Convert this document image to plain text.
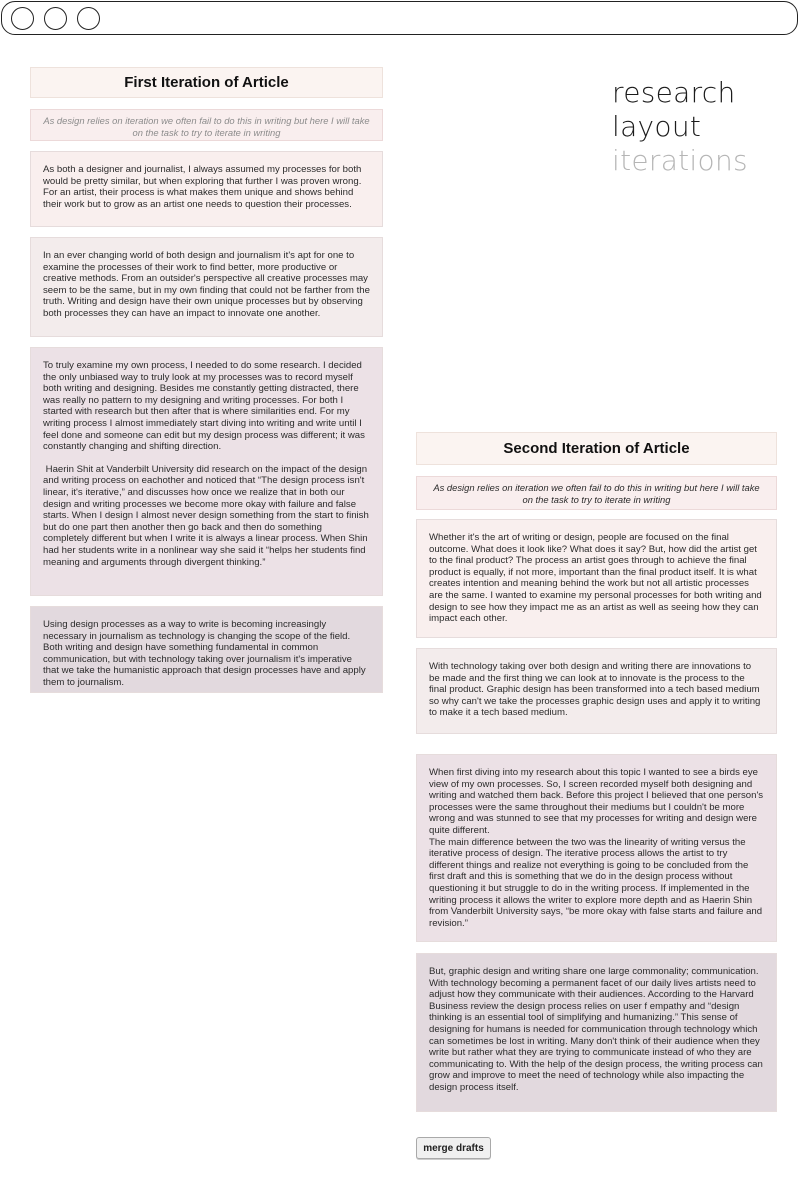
research
layout
iterations
First Iteration of Article
As design relies on iteration we often fail to do this in writing but here I will take on the task to try to iterate in writing

As both a designer and journalist, I always assumed my processes for both would be pretty similar, but when exploring that further I was proven wrong. For an artist, their process is what makes them unique and shows behind their work but to grow as an artist one needs to question their processes.

In an ever changing world of both design and journalism it's apt for one to examine the processes of their work to find better, more productive or creative methods. From an outsider's perspective all creative processes may seem to be the same, but in my own finding that could not be farther from the truth. Writing and design have their own unique processes but by observing both processes they can have an impact to innovate one another.

To truly examine my own process, I needed to do some research. I decided the only unbiased way to truly look at my processes was to record myself both writing and designing. Besides me constantly getting distracted, there was really no pattern to my designing and writing processes. For both I started with research but then after that is where similarities end. For my writing process I almost immediately start diving into writing and write until I feel done and someone can edit but my design process was different; it was constantly changing and shifting direction.

Haerin Shit at Vanderbilt University did research on the impact of the design and writing process on eachother and noticed that “The design process isn't linear, it's iterative,” and discusses how once we realize that in both our design and writing processes we become more okay with failure and false starts. When I design I almost never design something from the start to finish but do one part then another then go back and then do something completely different but when I write it is always a linear process. When Shin had her students write in a nonlinear way she said it “helps her students find meaning and arguments through divergent thinking.”

Using design processes as a way to write is becoming increasingly necessary in journalism as technology is changing the scope of the field. Both writing and design have something fundamental in common communication, but with technology taking over journalism it's imperative that we take the humanistic approach that design processes have and apply them to journalism.

Second Iteration of Article
As design relies on iteration we often fail to do this in writing but here I will take on the task to try to iterate in writing

Whether it's the art of writing or design, people are focused on the final outcome. What does it look like? What does it say? But, how did the artist get to the final product? The process an artist goes through to achieve the final product is equally, if not more, important than the final product itself. It is what creates intention and meaning behind the work but not all artistic processes are the same. I wanted to examine my personal processes for both writing and design to see how they impact me as an artist as well as seeing how they can impact each other.

With technology taking over both design and writing there are innovations to be made and the first thing we can look at to innovate is the process to the final product. Graphic design has been transformed into a tech based medium so why can't we take the processes graphic design uses and apply it to writing to make it a tech based medium.

When first diving into my research about this topic I wanted to see a birds eye view of my own processes. So, I screen recorded myself both designing and writing and watched them back. Before this project I believed that one person's processes were the same throughout their mediums but I couldn't be more wrong and was stunned to see that my processes for writing and design were quite different.
The main difference between the two was the linearity of writing versus the iterative process of design. The iterative process allows the artist to try different things and realize not everything is going to be concluded from the first draft and this is something that we do in the design process without questioning it but struggle to do in the writing process. If implemented in the writing process it allows the writer to explore more depth and as Haerin Shin from Vanderbilt University says, “be more okay with false starts and failure and revision.”

But, graphic design and writing share one large commonality; communication. With technology becoming a permanent facet of our daily lives artists need to adjust how they communicate with their audiences. According to the Harvard Business review the design process relies on user f empathy and “design thinking is an essential tool of simplifying and humanizing.” This sense of designing for humans is needed for communication through technology which can sometimes be lost in writing. Many don't think of their audience when they write but rather what they are trying to communicate instead of who they are communicating to. With the help of the design process, the writing process can grow and improve to meet the need of technology while also impacting the design process itself.

merge drafts
